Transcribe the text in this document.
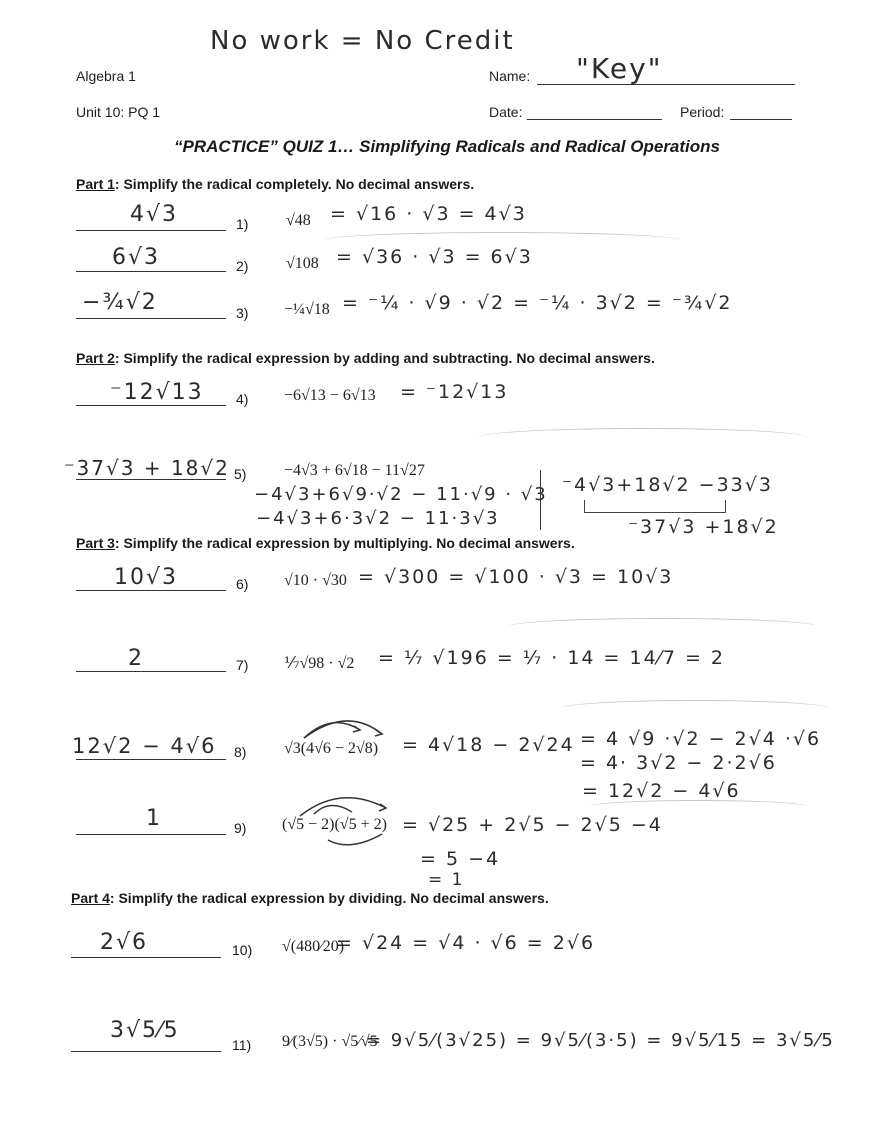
No work = No Credit
Algebra 1
Unit 10: PQ 1
Name: "Key"
Date:	Period:
“PRACTICE” QUIZ 1… Simplifying Radicals and Radical Operations
Part 1: Simplify the radical completely. No decimal answers.
4√3	1) √48 = √16 · √3 = 4√3
6√3	2) √108 = √36 · √3 = 6√3
−¾√2	3) −¼√18 = ⁻¼ · √9 · √2 = ⁻¼ · 3√2 = ⁻¾√2
Part 2: Simplify the radical expression by adding and subtracting. No decimal answers.
⁻12√13 4) −6√13 − 6√13 = ⁻12√13
⁻37√3 + 18√2 5) −4√3 + 6√18 − 11√27
−4√3+6√9·√2 − 11·√9 · √3
−4√3+6·3√2 − 11·3√3
⁻4√3+18√2 −33√3
⁻37√3 +18√2
Part 3: Simplify the radical expression by multiplying. No decimal answers.
10√3	6) √10 · √30 = √300 = √100 · √3 = 10√3
2	7) ⅐√98 · √2 = ⅐ √196 = ⅐ · 14 = 14⁄7 = 2
12√2 − 4√6 8) √3(4√6 − 2√8) = 4√18 − 2√24 = 4 √9 ·√2 − 2√4 ·√6
= 4· 3√2 − 2·2√6
= 12√2 − 4√6
1	9) (√5 − 2)(√5 + 2) = √25 + 2√5 − 2√5 −4
= 5 −4
= 1
Part 4: Simplify the radical expression by dividing. No decimal answers.
2√6	10) √(480⁄20)
= √24 = √4 · √6 = 2√6
3√5⁄5
11) 9⁄(3√5) · √5⁄√5
= 9√5⁄(3√25) = 9√5⁄(3·5) = 9√5⁄15 = 3√5⁄5
